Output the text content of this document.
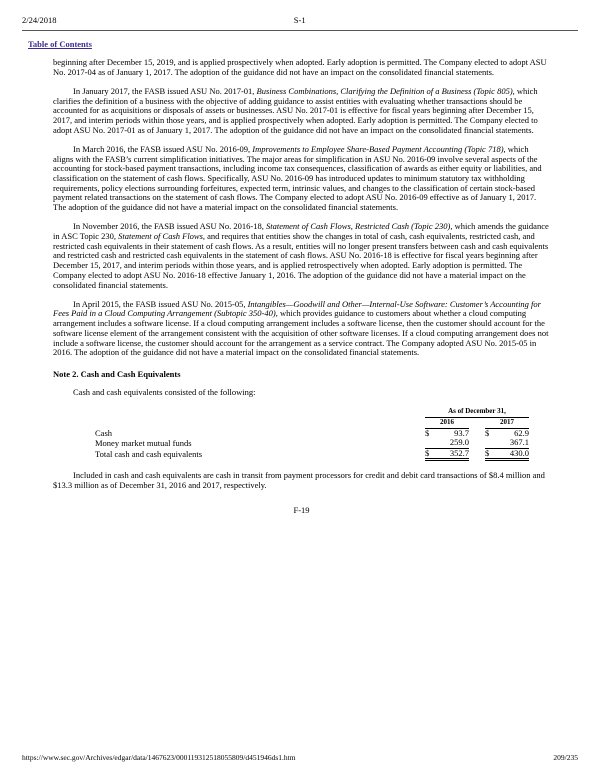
2/24/2018	S-1
Table of Contents

beginning after December 15, 2019, and is applied prospectively when adopted. Early adoption is permitted. The Company elected to adopt ASU No. 2017-04 as of January 1, 2017. The adoption of the guidance did not have an impact on the consolidated financial statements.

In January 2017, the FASB issued ASU No. 2017-01, Business Combinations, Clarifying the Definition of a Business (Topic 805), which clarifies the definition of a business with the objective of adding guidance to assist entities with evaluating whether transactions should be accounted for as acquisitions or disposals of assets or businesses. ASU No. 2017-01 is effective for fiscal years beginning after December 15, 2017, and interim periods within those years, and is applied prospectively when adopted. Early adoption is permitted. The Company elected to adopt ASU No. 2017-01 as of January 1, 2017. The adoption of the guidance did not have an impact on the consolidated financial statements.

In March 2016, the FASB issued ASU No. 2016-09, Improvements to Employee Share-Based Payment Accounting (Topic 718), which aligns with the FASB’s current simplification initiatives. The major areas for simplification in ASU No. 2016-09 involve several aspects of the accounting for stock-based payment transactions, including income tax consequences, classification of awards as either equity or liabilities, and classification on the statement of cash flows. Specifically, ASU No. 2016-09 has introduced updates to minimum statutory tax withholding requirements, policy elections surrounding forfeitures, expected term, intrinsic values, and changes to the classification of certain stock-based payment related transactions on the statement of cash flows. The Company elected to adopt ASU No. 2016-09 effective as of January 1, 2017. The adoption of the guidance did not have a material impact on the consolidated financial statements.

In November 2016, the FASB issued ASU No. 2016-18, Statement of Cash Flows, Restricted Cash (Topic 230), which amends the guidance in ASC Topic 230, Statement of Cash Flows, and requires that entities show the changes in total of cash, cash equivalents, restricted cash, and restricted cash equivalents in their statement of cash flows. As a result, entities will no longer present transfers between cash and cash equivalents and restricted cash and restricted cash equivalents in the statement of cash flows. ASU No. 2016-18 is effective for fiscal years beginning after December 15, 2017, and interim periods within those years, and is applied retrospectively when adopted. Early adoption is permitted. The Company elected to adopt ASU No. 2016-18 effective January 1, 2016. The adoption of the guidance did not have a material impact on the consolidated financial statements.

In April 2015, the FASB issued ASU No. 2015-05, Intangibles—Goodwill and Other—Internal-Use Software: Customer’s Accounting for Fees Paid in a Cloud Computing Arrangement (Subtopic 350-40), which provides guidance to customers about whether a cloud computing arrangement includes a software license. If a cloud computing arrangement includes a software license, then the customer should account for the software license element of the arrangement consistent with the acquisition of other software licenses. If a cloud computing arrangement does not include a software license, the customer should account for the arrangement as a service contract. The Company adopted ASU No. 2015-05 in 2016. The adoption of the guidance did not have a material impact on the consolidated financial statements.

Note 2. Cash and Cash Equivalents

Cash and cash equivalents consisted of the following:

	As of December 31,				
	2016			2017	
Cash	$	93.7		$	62.9
Money market mutual funds		259.0			367.1
Total cash and cash equivalents	$	352.7		$	430.0

Included in cash and cash equivalents are cash in transit from payment processors for credit and debit card transactions of $8.4 million and $13.3 million as of December 31, 2016 and 2017, respectively.

F-19
https://www.sec.gov/Archives/edgar/data/1467623/000119312518055809/d451946ds1.htm	209/235
